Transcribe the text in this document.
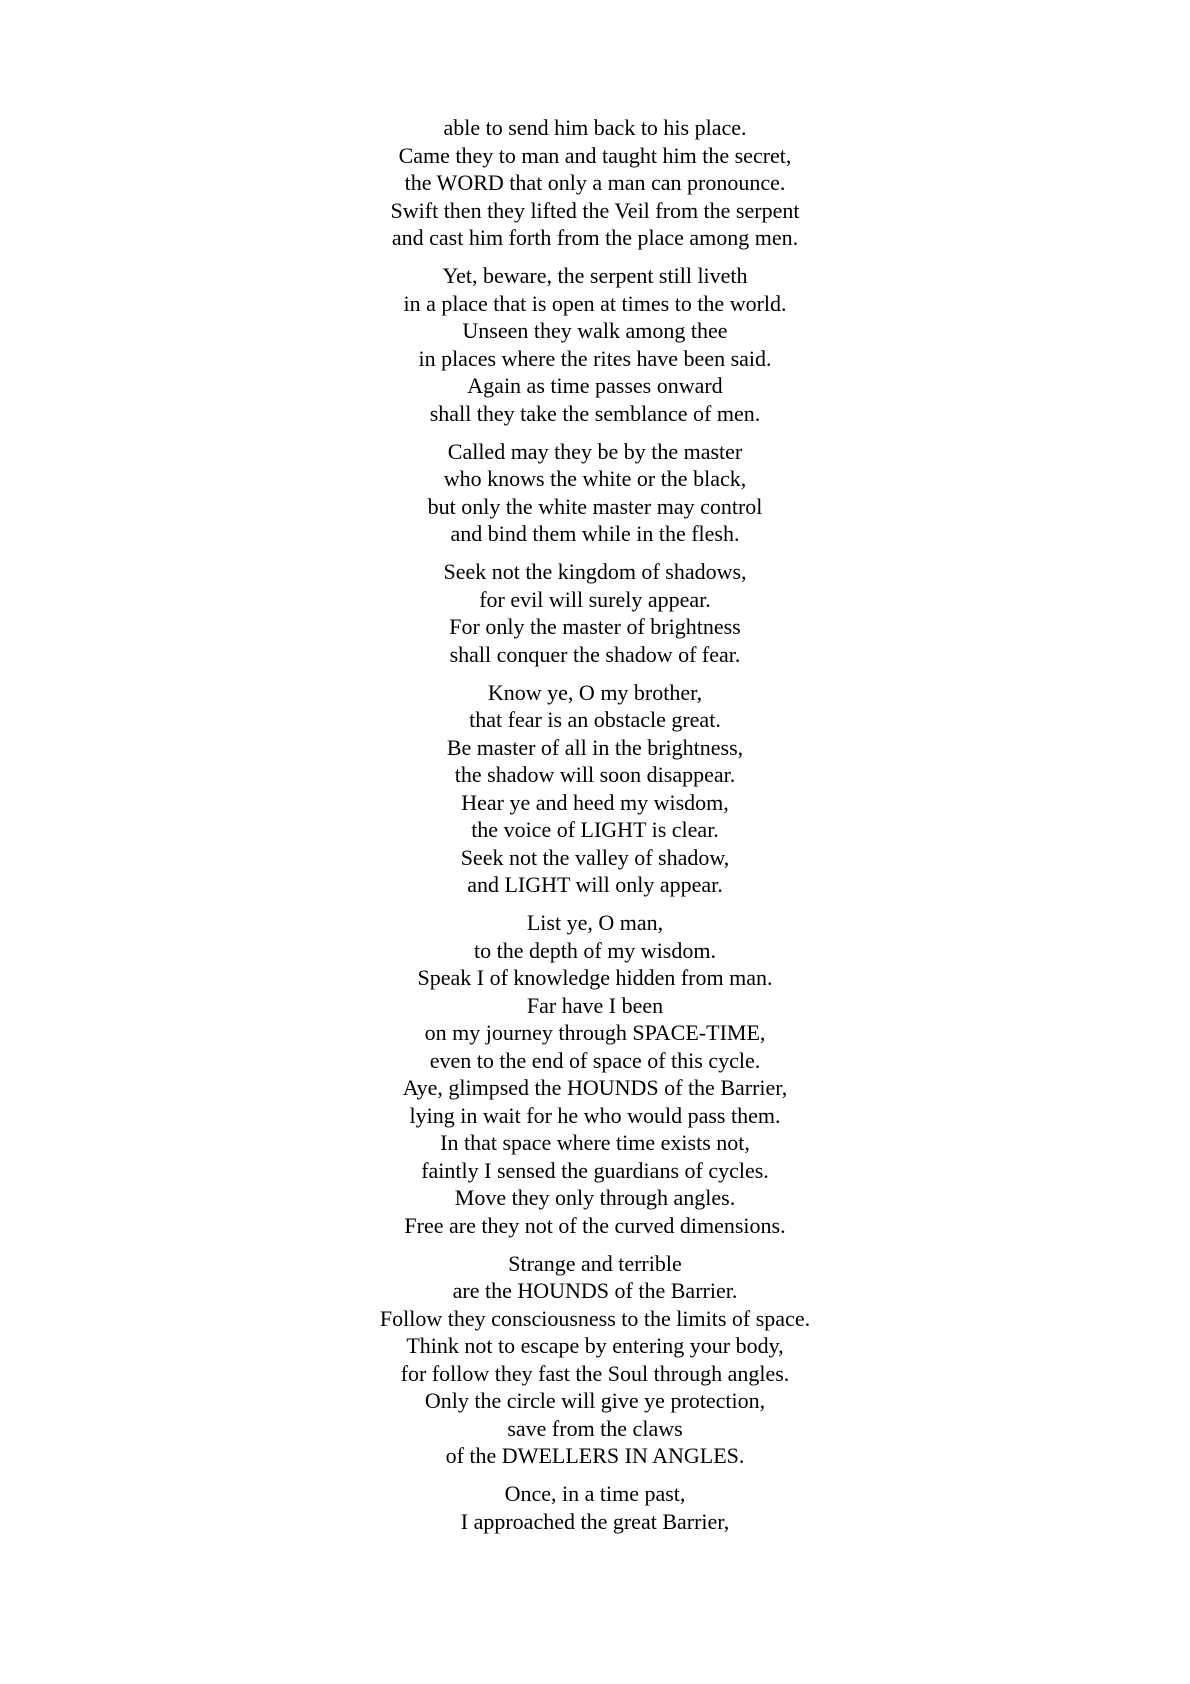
able to send him back to his place.
Came they to man and taught him the secret,
the WORD that only a man can pronounce.
Swift then they lifted the Veil from the serpent
and cast him forth from the place among men.
Yet, beware, the serpent still liveth
in a place that is open at times to the world.
Unseen they walk among thee
in places where the rites have been said.
Again as time passes onward
shall they take the semblance of men.
Called may they be by the master
who knows the white or the black,
but only the white master may control
and bind them while in the flesh.
Seek not the kingdom of shadows,
for evil will surely appear.
For only the master of brightness
shall conquer the shadow of fear.
Know ye, O my brother,
that fear is an obstacle great.
Be master of all in the brightness,
the shadow will soon disappear.
Hear ye and heed my wisdom,
the voice of LIGHT is clear.
Seek not the valley of shadow,
and LIGHT will only appear.
List ye, O man,
to the depth of my wisdom.
Speak I of knowledge hidden from man.
Far have I been
on my journey through SPACE-TIME,
even to the end of space of this cycle.
Aye, glimpsed the HOUNDS of the Barrier,
lying in wait for he who would pass them.
In that space where time exists not,
faintly I sensed the guardians of cycles.
Move they only through angles.
Free are they not of the curved dimensions.
Strange and terrible
are the HOUNDS of the Barrier.
Follow they consciousness to the limits of space.
Think not to escape by entering your body,
for follow they fast the Soul through angles.
Only the circle will give ye protection,
save from the claws
of the DWELLERS IN ANGLES.
Once, in a time past,
I approached the great Barrier,
